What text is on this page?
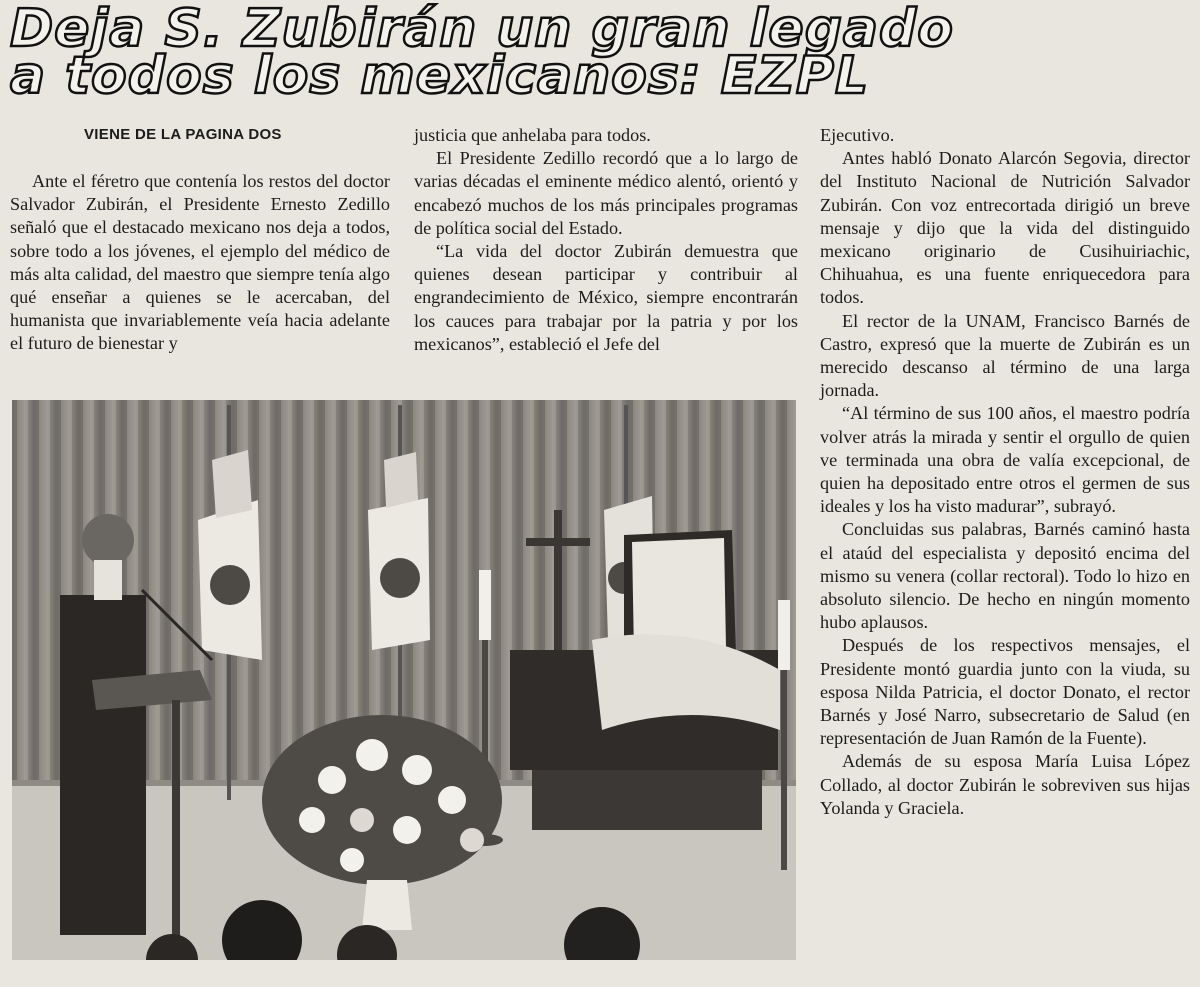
Deja S. Zubirán un gran legado
a todos los mexicanos: EZPL
VIENE DE LA PAGINA DOS

Ante el féretro que contenía los restos del doctor Salvador Zubirán, el Presidente Ernesto Zedillo señaló que el destacado mexicano nos deja a todos, sobre todo a los jóvenes, el ejemplo del médico de más alta calidad, del maestro que siempre tenía algo qué enseñar a quienes se le acercaban, del humanista que invariablemente veía hacia adelante el futuro de bienestar y

justicia que anhelaba para todos.

El Presidente Zedillo recordó que a lo largo de varias décadas el eminente médico alentó, orientó y encabezó muchos de los más principales programas de política social del Estado.

“La vida del doctor Zubirán demuestra que quienes desean participar y contribuir al engrandecimiento de México, siempre encontrarán los cauces para trabajar por la patria y por los mexicanos”, estableció el Jefe del

Ejecutivo.

Antes habló Donato Alarcón Segovia, director del Instituto Nacional de Nutrición Salvador Zubirán. Con voz entrecortada dirigió un breve mensaje y dijo que la vida del distinguido mexicano originario de Cusihuiriachic, Chihuahua, es una fuente enriquecedora para todos.

El rector de la UNAM, Francisco Barnés de Castro, expresó que la muerte de Zubirán es un merecido descanso al término de una larga jornada.

“Al término de sus 100 años, el maestro podría volver atrás la mirada y sentir el orgullo de quien ve terminada una obra de valía excepcional, de quien ha depositado entre otros el germen de sus ideales y los ha visto madurar”, subrayó.

Concluidas sus palabras, Barnés caminó hasta el ataúd del especialista y depositó encima del mismo su venera (collar rectoral). Todo lo hizo en absoluto silencio. De hecho en ningún momento hubo aplausos.

Después de los respectivos mensajes, el Presidente montó guardia junto con la viuda, su esposa Nilda Patricia, el doctor Donato, el rector Barnés y José Narro, subsecretario de Salud (en representación de Juan Ramón de la Fuente).

Además de su esposa María Luisa López Collado, al doctor Zubirán le sobreviven sus hijas Yolanda y Graciela.
